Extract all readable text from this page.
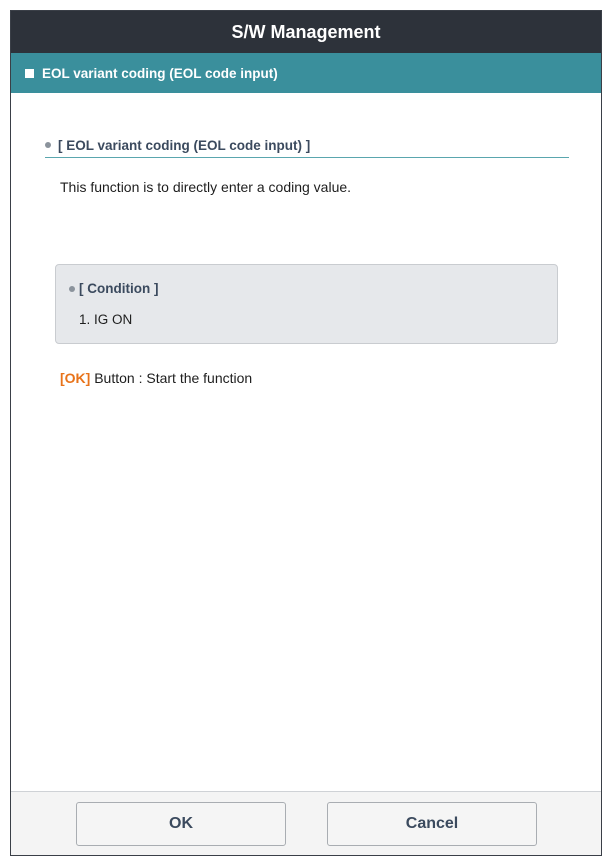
S/W Management
EOL variant coding (EOL code input)
[ EOL variant coding (EOL code input) ]
This function is to directly enter a coding value.
[ Condition ]
1. IG ON
[OK] Button : Start the function
OK	Cancel
